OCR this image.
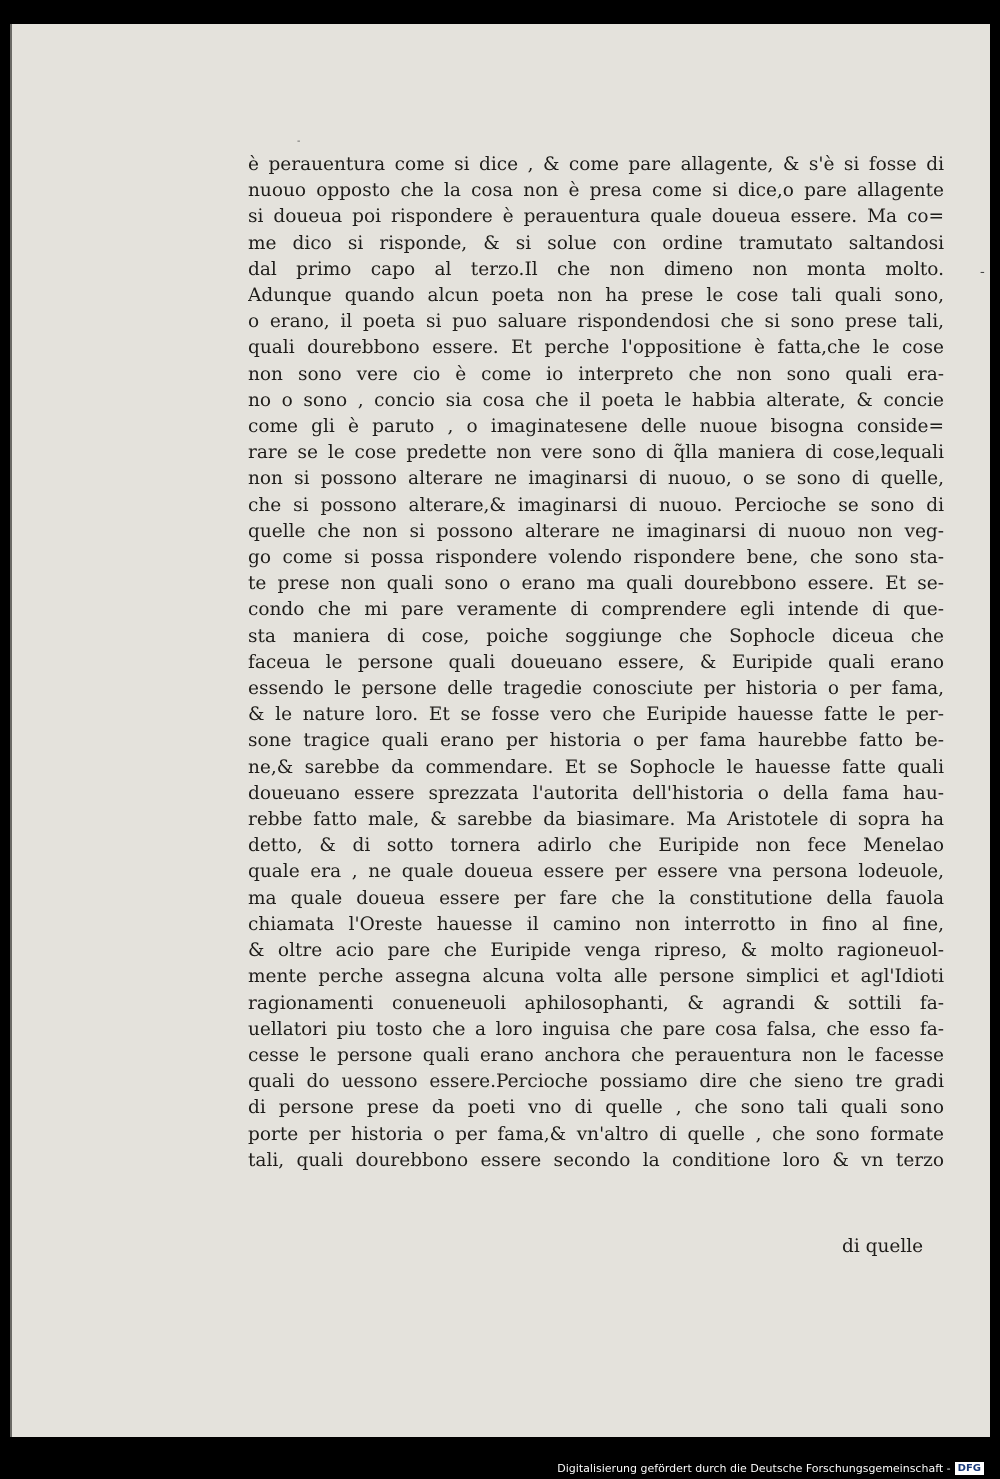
-
è perauentura come si dice , & come pare allagente, & s'è si fosse di
nuouo opposto che la cosa non è presa come si dice,o pare allagente
si doueua poi rispondere è perauentura quale doueua essere. Ma co=
me dico si risponde, & si solue con ordine tramutato saltandosi
dal primo capo al terzo.Il che non dimeno non monta molto.
Adunque quando alcun poeta non ha prese le cose tali quali sono,
o erano, il poeta si puo saluare rispondendosi che si sono prese tali,
quali dourebbono essere. Et perche l'oppositione è fatta,che le cose
non sono vere cio è come io interpreto che non sono quali era-
no o sono , concio sia cosa che il poeta le habbia alterate, & concie
come gli è paruto , o imaginatesene delle nuoue bisogna conside=
rare se le cose predette non vere sono di q̃lla maniera di cose,lequali
non si possono alterare ne imaginarsi di nuouo, o se sono di quelle,
che si possono alterare,& imaginarsi di nuouo. Percioche se sono di
quelle che non si possono alterare ne imaginarsi di nuouo non veg-
go come si possa rispondere volendo rispondere bene, che sono sta-
te prese non quali sono o erano ma quali dourebbono essere. Et se-
condo che mi pare veramente di comprendere egli intende di que-
sta maniera di cose, poiche soggiunge che Sophocle diceua che
faceua le persone quali doueuano essere, & Euripide quali erano
essendo le persone delle tragedie conosciute per historia o per fama,
& le nature loro. Et se fosse vero che Euripide hauesse fatte le per-
sone tragice quali erano per historia o per fama haurebbe fatto be-
ne,& sarebbe da commendare. Et se Sophocle le hauesse fatte quali
doueuano essere sprezzata l'autorita dell'historia o della fama hau-
rebbe fatto male, & sarebbe da biasimare. Ma Aristotele di sopra ha
detto, & di sotto tornera adirlo che Euripide non fece Menelao
quale era , ne quale doueua essere per essere vna persona lodeuole,
ma quale doueua essere per fare che la constitutione della fauola
chiamata l'Oreste hauesse il camino non interrotto in fino al fine,
& oltre acio pare che Euripide venga ripreso, & molto ragioneuol-
mente perche assegna alcuna volta alle persone simplici et agl'Idioti
ragionamenti conueneuoli aphilosophanti, & agrandi & sottili fa-
uellatori piu tosto che a loro inguisa che pare cosa falsa, che esso fa-
cesse le persone quali erano anchora che perauentura non le facesse
quali do uessono essere.Percioche possiamo dire che sieno tre gradi
di persone prese da poeti vno di quelle , che sono tali quali sono
porte per historia o per fama,& vn'altro di quelle , che sono formate
tali, quali dourebbono essere secondo la conditione loro & vn terzo
-
di quelle
Digitalisierung gefördert durch die Deutsche Forschungsgemeinschaft - DFG
